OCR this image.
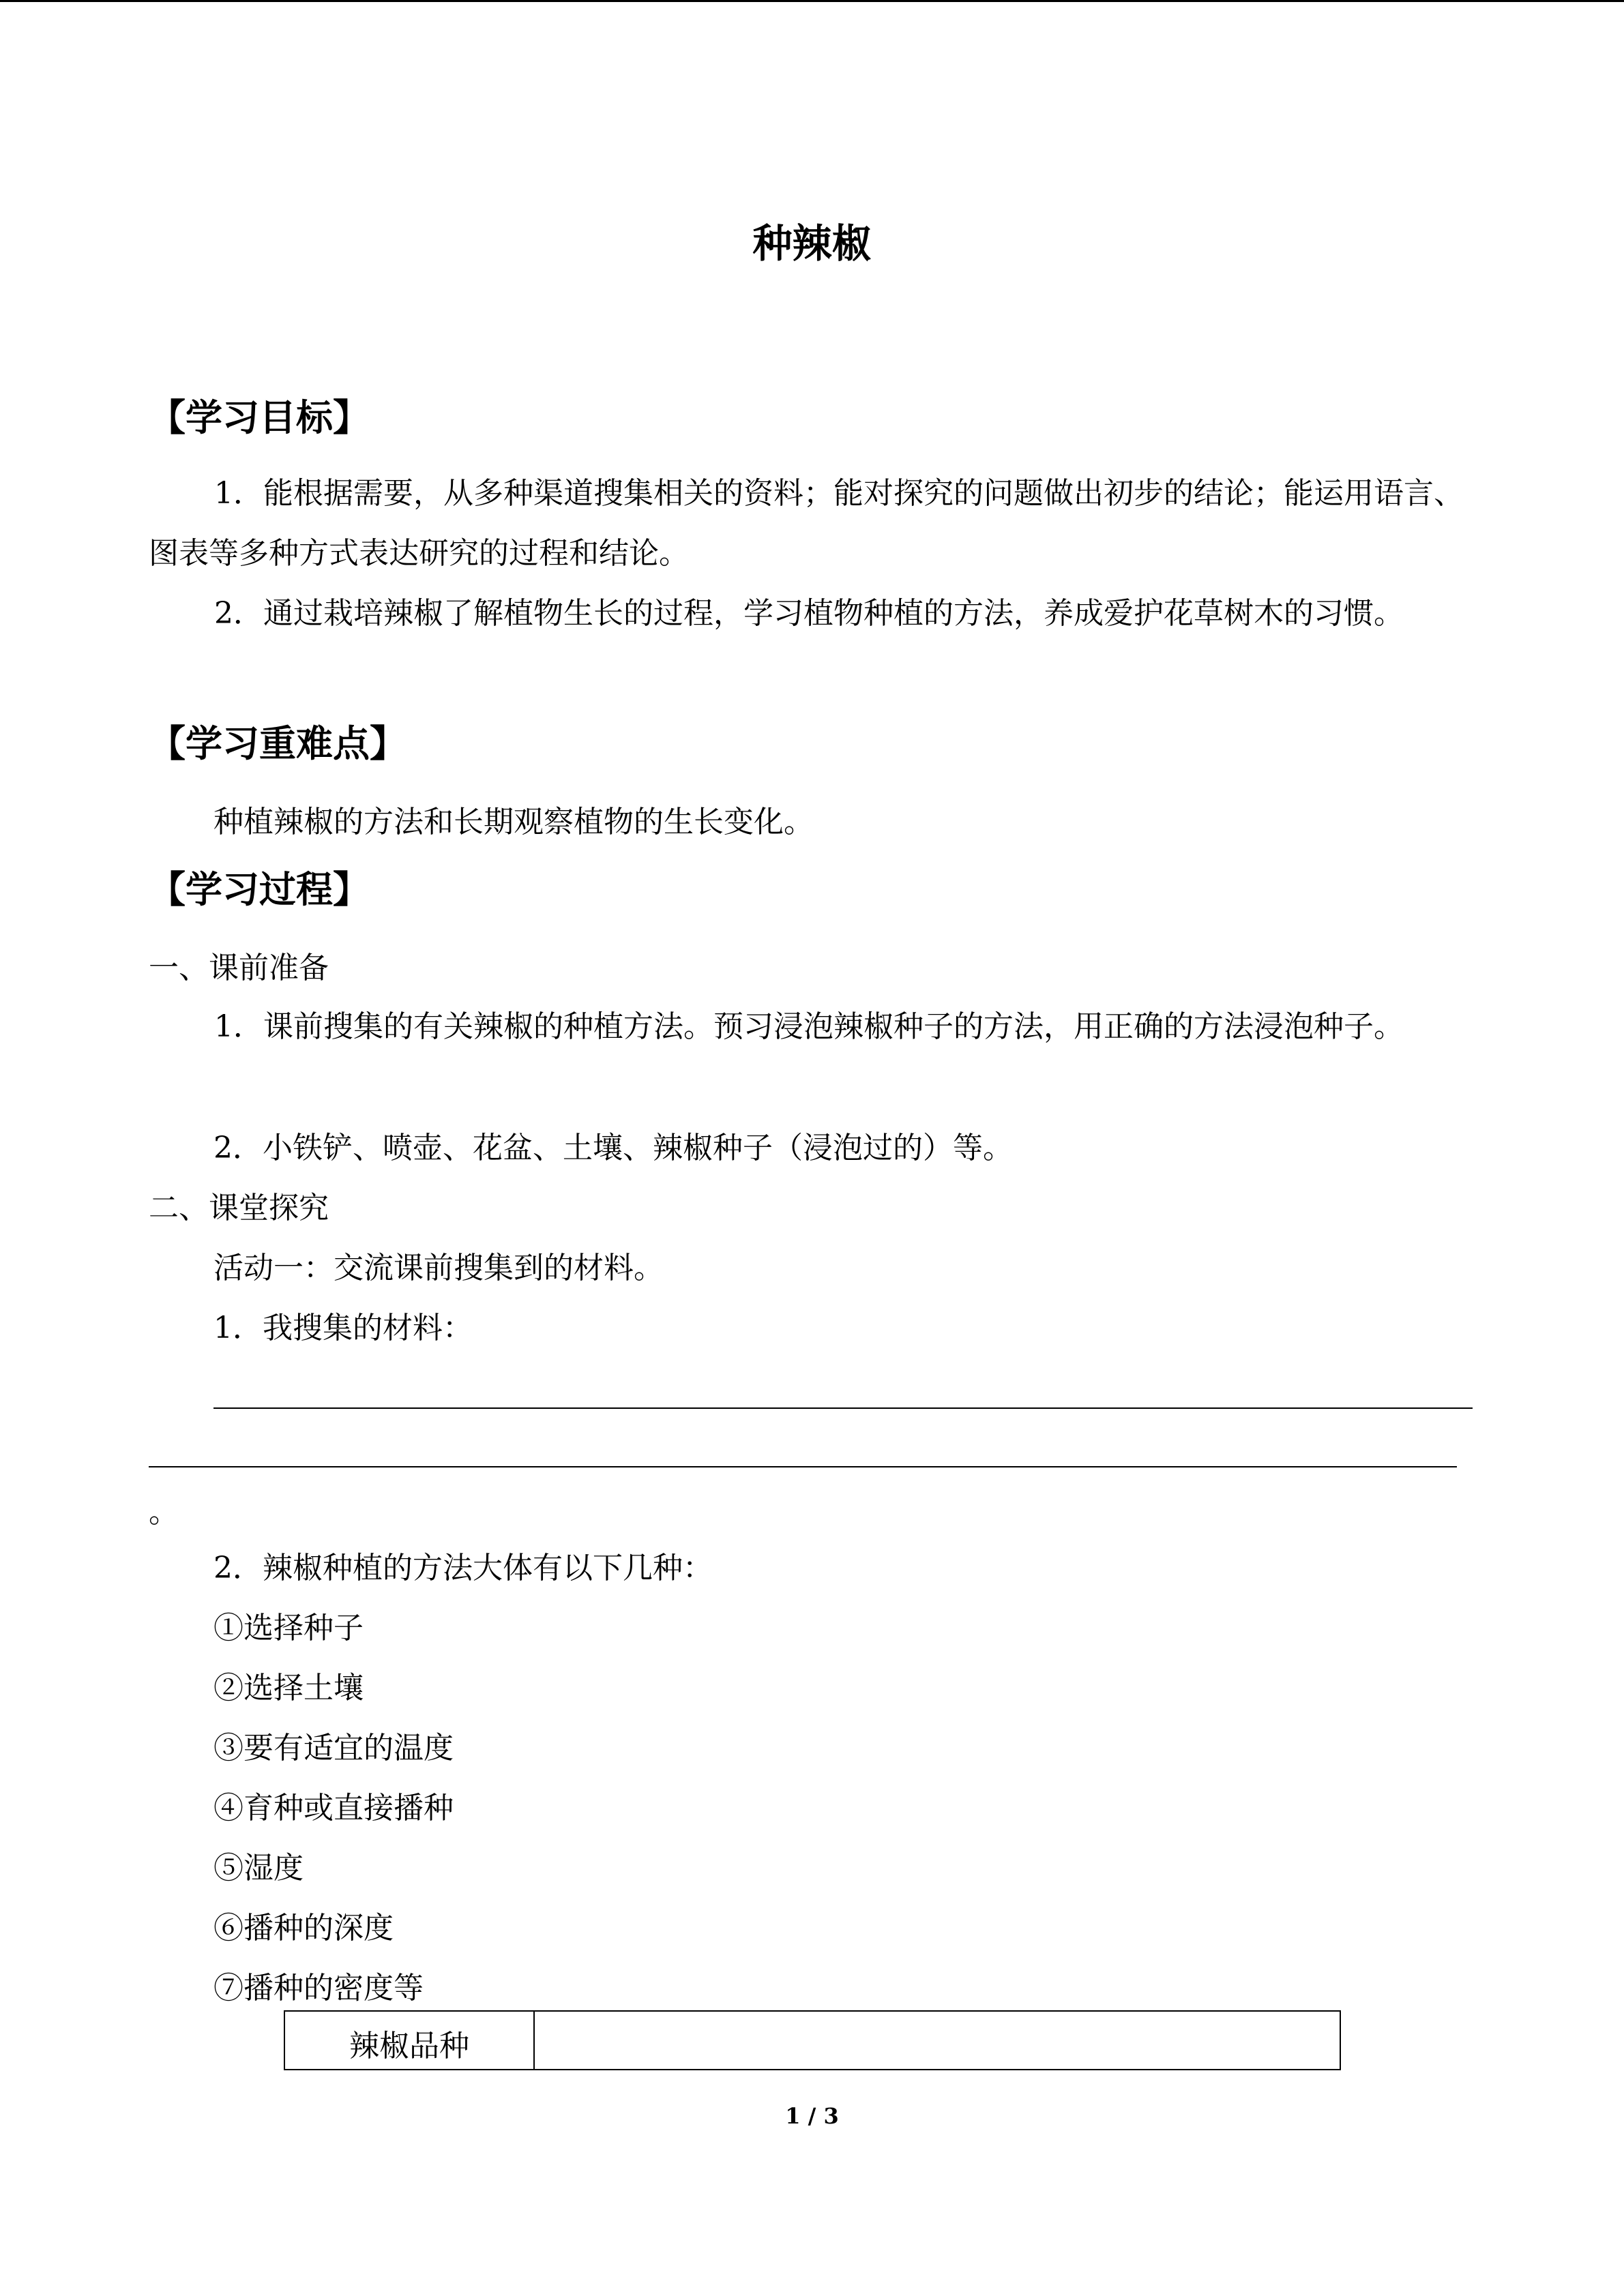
种辣椒
【学习目标】
1．能根据需要，从多种渠道搜集相关的资料；能对探究的问题做出初步的结论；能运用语言、图表等多种方式表达研究的过程和结论。
2．通过栽培辣椒了解植物生长的过程，学习植物种植的方法，养成爱护花草树木的习惯。
【学习重难点】
种植辣椒的方法和长期观察植物的生长变化。
【学习过程】
一、课前准备
1．课前搜集的有关辣椒的种植方法。预习浸泡辣椒种子的方法，用正确的方法浸泡种子。
2．小铁铲、喷壶、花盆、土壤、辣椒种子（浸泡过的）等。
二、课堂探究
活动一：交流课前搜集到的材料。
1．我搜集的材料：
。
2．辣椒种植的方法大体有以下几种：
①选择种子
②选择土壤
③要有适宜的温度
④育种或直接播种
⑤湿度
⑥播种的深度
⑦播种的密度等
辣椒品种
1 / 3
